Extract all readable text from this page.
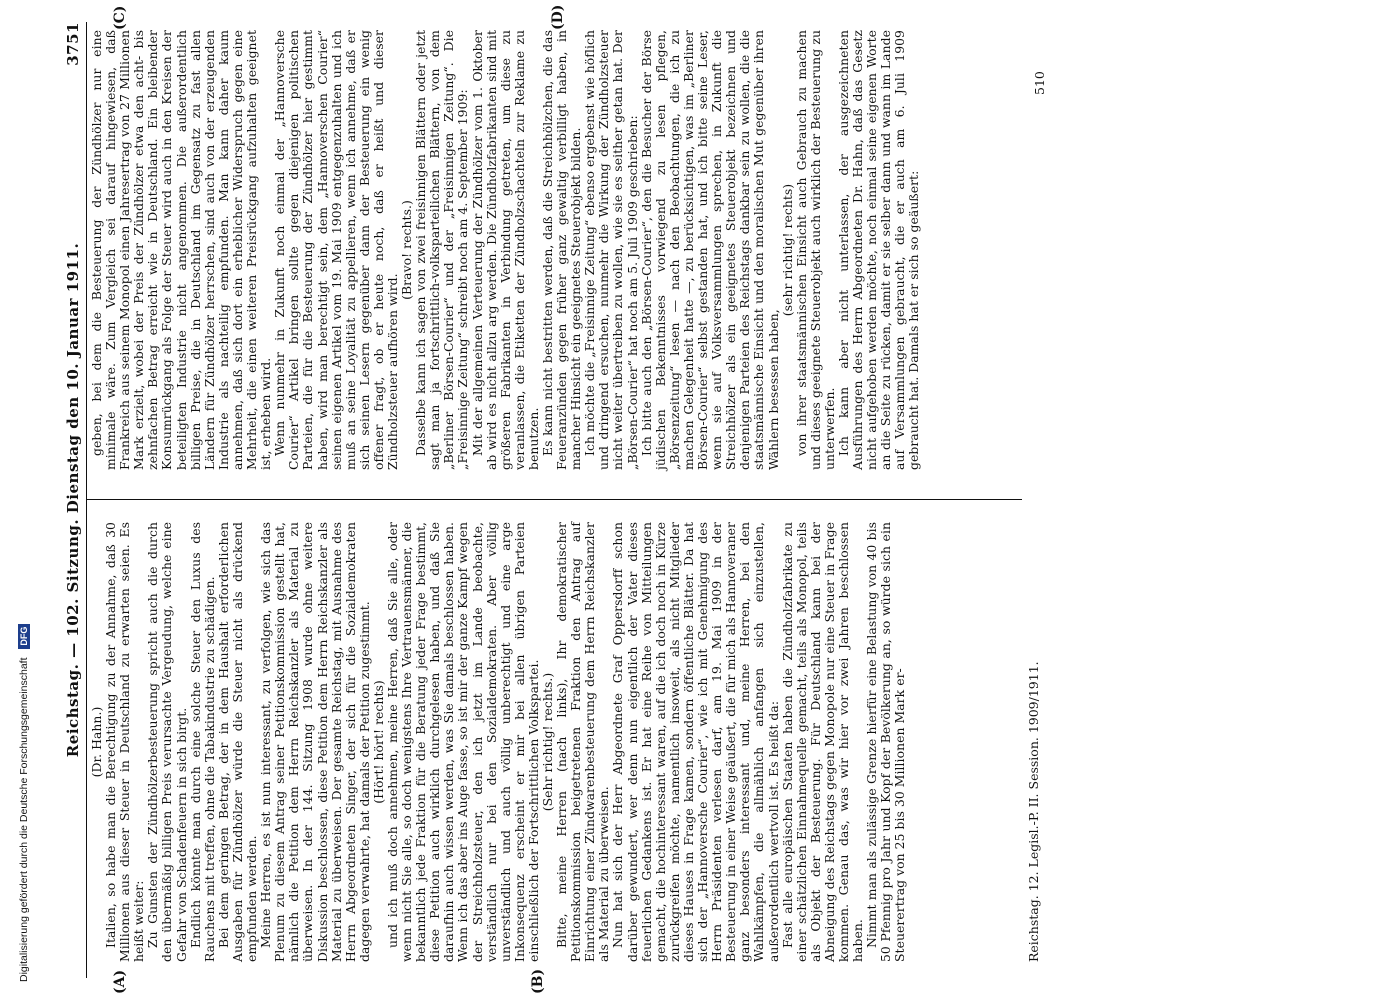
Digitalisierung gefördert durch die Deutsche Forschungsgemeinschaft DFG Reichstag. — 102. Sitzung. Dienstag den 10. Januar 1911.
3751
(A)	(B)
(C)	(D)

(Dr. Hahn.) Italien, so habe man die Berechtigung zu der Annahme, daß 30 Millionen aus dieser Steuer in Deutschland zu erwarten seien. Es heißt weiter: Zu Gunsten der Zündhölzerbesteuerung spricht auch die durch den übermäßig billigen Preis verursachte Vergeudung, welche eine Gefahr von Schadenfeuern in sich birgt. Endlich könnte man durch eine solche Steuer den Luxus des Rauchens mit treffen, ohne die Tabakindustrie zu schädigen. Bei dem geringen Betrag, der in dem Haushalt erforderlichen Ausgaben für Zündhölzer würde die Steuer nicht als drückend empfunden werden. Meine Herren, es ist nun interessant, zu verfolgen, wie sich das Plenum zu diesem Antrag seiner Petitionskommission gestellt hat, nämlich die Petition dem Herrn Reichskanzler als Material zu überweisen. In der 144. Sitzung 1908 wurde ohne weitere Diskussion beschlossen, diese Petition dem Herrn Reichskanzler als Material zu überweisen. Der gesamte Reichstag, mit Ausnahme des Herrn Abgeordneten Singer, der sich für die Sozialdemokraten dagegen verwahrte, hat damals der Petition zugestimmt. (Hört! hört! rechts) und ich muß doch annehmen, meine Herren, daß Sie alle, oder wenn nicht Sie alle, so doch wenigstens Ihre Vertrauensmänner, die bekanntlich jede Fraktion für die Beratung jeder Frage bestimmt, diese Petition auch wirklich durchgelesen haben, und daß Sie daraufhin auch wissen werden, was Sie damals beschlossen haben. Wenn ich das aber ins Auge fasse, so ist mir der ganze Kampf wegen der Streichholzsteuer, den ich jetzt im Lande beobachte, verständlich nur bei den Sozialdemokraten. Aber völlig unverständlich und auch völlig unberechtigt und eine arge Inkonsequenz erscheint er mir bei allen übrigen Parteien einschließlich der Fortschrittlichen Volkspartei. (Sehr richtig! rechts.) Bitte, meine Herren (nach links), Ihr demokratischer Petitionskommission beigetretenen Fraktion den Antrag auf Einrichtung einer Zündwarenbesteuerung dem Herrn Reichskanzler als Material zu überweisen. Nun hat sich der Herr Abgeordnete Graf Oppersdorff schon darüber gewundert, wer denn nun eigentlich der Vater dieses feuerlichen Gedankens ist. Er hat eine Reihe von Mitteilungen gemacht, die hochinteressant waren, auf die ich doch noch in Kürze zurückgreifen möchte, namentlich insoweit, als nicht Mitglieder dieses Hauses in Frage kamen, sondern öffentliche Blätter. Da hat sich der „Hannoversche Courier“, wie ich mit Genehmigung des Herrn Präsidenten verlesen darf, am 19. Mai 1909 in der Besteuerung in einer Weise geäußert, die für mich als Hannoveraner ganz besonders interessant und, meine Herren, bei den Wahlkämpfen, die allmählich anfangen sich einzustellen, außerordentlich wertvoll ist. Es heißt da: Fast alle europäischen Staaten haben die Zündholzfabrikate zu einer schätzlichen Einnahmequelle gemacht, teils als Monopol, teils als Objekt der Besteuerung. Für Deutschland kann bei der Abneigung des Reichstags gegen Monopole nur eine Steuer in Frage kommen. Genau das, was wir hier vor zwei Jahren beschlossen haben. Nimmt man als zulässige Grenze hierfür eine Belastung von 40 bis 50 Pfennig pro Jahr und Kopf der Bevölkerung an, so würde sich ein Steuerertrag von 25 bis 30 Millionen Mark er-

geben, bei dem die Besteuerung der Zündhölzer nur eine minimale wäre. Zum Vergleich sei darauf hingewiesen, daß Frankreich aus seinem Monopol einen Jahresertrag von 27 Millionen Mark erzielt, wobei der Preis der Zündhölzer etwa den acht- bis zehnfachen Betrag erreicht wie in Deutschland. Ein bleibender Konsumrückgang als Folge der Steuer wird auch in den Kreisen der beteiligten Industrie nicht angenommen. Die außerordentlich billigen Preise, die in Deutschland im Gegensatz zu fast allen Ländern für Zündhölzer herrschen, sind auch von der erzeugenden Industrie als nachteilig empfunden. Man kann daher kaum annehmen, daß sich dort ein erheblicher Widerspruch gegen eine Mehrheit, die einen weiteren Preisrückgang aufzuhalten geeignet ist, erheben wird. Wenn nunmehr in Zukunft noch einmal der „Hannoversche Courier“ Artikel bringen sollte gegen diejenigen politischen Parteien, die für die Besteuerung der Zündhölzer hier gestimmt haben, wird man berechtigt sein, dem „Hannoverschen Courier“ seinen eigenen Artikel vom 19. Mai 1909 entgegenzuhalten und ich muß an seine Loyalität zu appellieren, wenn ich annehme, daß er sich seinen Lesern gegenüber dann der Besteuerung ein wenig offener fragt, ob er heute noch, daß er heißt und dieser Zündholzsteuer aufhören wird.

(Bravo! rechts.) Dasselbe kann ich sagen von zwei freisinnigen Blättern oder jetzt sagt man ja fortschrittlich-volksparteilichen Blättern, von dem „Berliner Börsen-Courier“ und der „Freisinnigen Zeitung“. Die „Freisinnige Zeitung“ schreibt noch am 4. September 1909: Mit der allgemeinen Verteuerung der Zündhölzer vom 1. Oktober ab wird es nicht allzu arg werden. Die Zündholzfabrikanten sind mit größeren Fabrikanten in Verbindung getreten, um diese zu veranlassen, die Etiketten der Zündholzschachteln zur Reklame zu benutzen. Es kann nicht bestritten werden, daß die Streichhölzchen, die das Feueranzünden gegen früher ganz gewaltig verbilligt haben, in mancher Hinsicht ein geeignetes Steuerobjekt bilden. Ich möchte die „Freisinnige Zeitung“ ebenso ergebenst wie höflich und dringend ersuchen, nunmehr die Wirkung der Zündholzsteuer nicht weiter übertreiben zu wollen, wie sie es seither getan hat. Der „Börsen-Courier“ hat noch am 5. Juli 1909 geschrieben: Ich bitte auch den „Börsen-Courier“, den die Besucher der Börse jüdischen Bekenntnisses vorwiegend zu lesen pflegen, „Börsenzeitung“ lesen — nach den Beobachtungen, die ich zu machen Gelegenheit hatte —, zu berücksichtigen, was im „Berliner Börsen-Courier“ selbst gestanden hat, und ich bitte seine Leser, wenn sie auf Volksversammlungen sprechen, in Zukunft die Streichhölzer als ein geeignetes Steuerobjekt bezeichnen und denjenigen Parteien des Reichstags dankbar sein zu wollen, die die staatsmännische Einsicht und den moralischen Mut gegenüber ihren Wählern besessen haben,

(sehr richtig! rechts) von ihrer staatsmännischen Einsicht auch Gebrauch zu machen und dieses geeignete Steuerobjekt auch wirklich der Besteuerung zu unterwerfen. Ich kann aber nicht unterlassen, der ausgezeichneten Ausführungen des Herrn Abgeordneten Dr. Hahn, daß das Gesetz nicht aufgehoben werden möchte, noch einmal seine eigenen Worte an die Seite zu rücken, damit er sie selber dann und wann im Lande auf Versammlungen gebraucht, die er auch am 6. Juli 1909 gebraucht hat. Damals hat er sich so geäußert:

Reichstag. 12. Legisl.-P. II. Session. 1909/1911.
510
